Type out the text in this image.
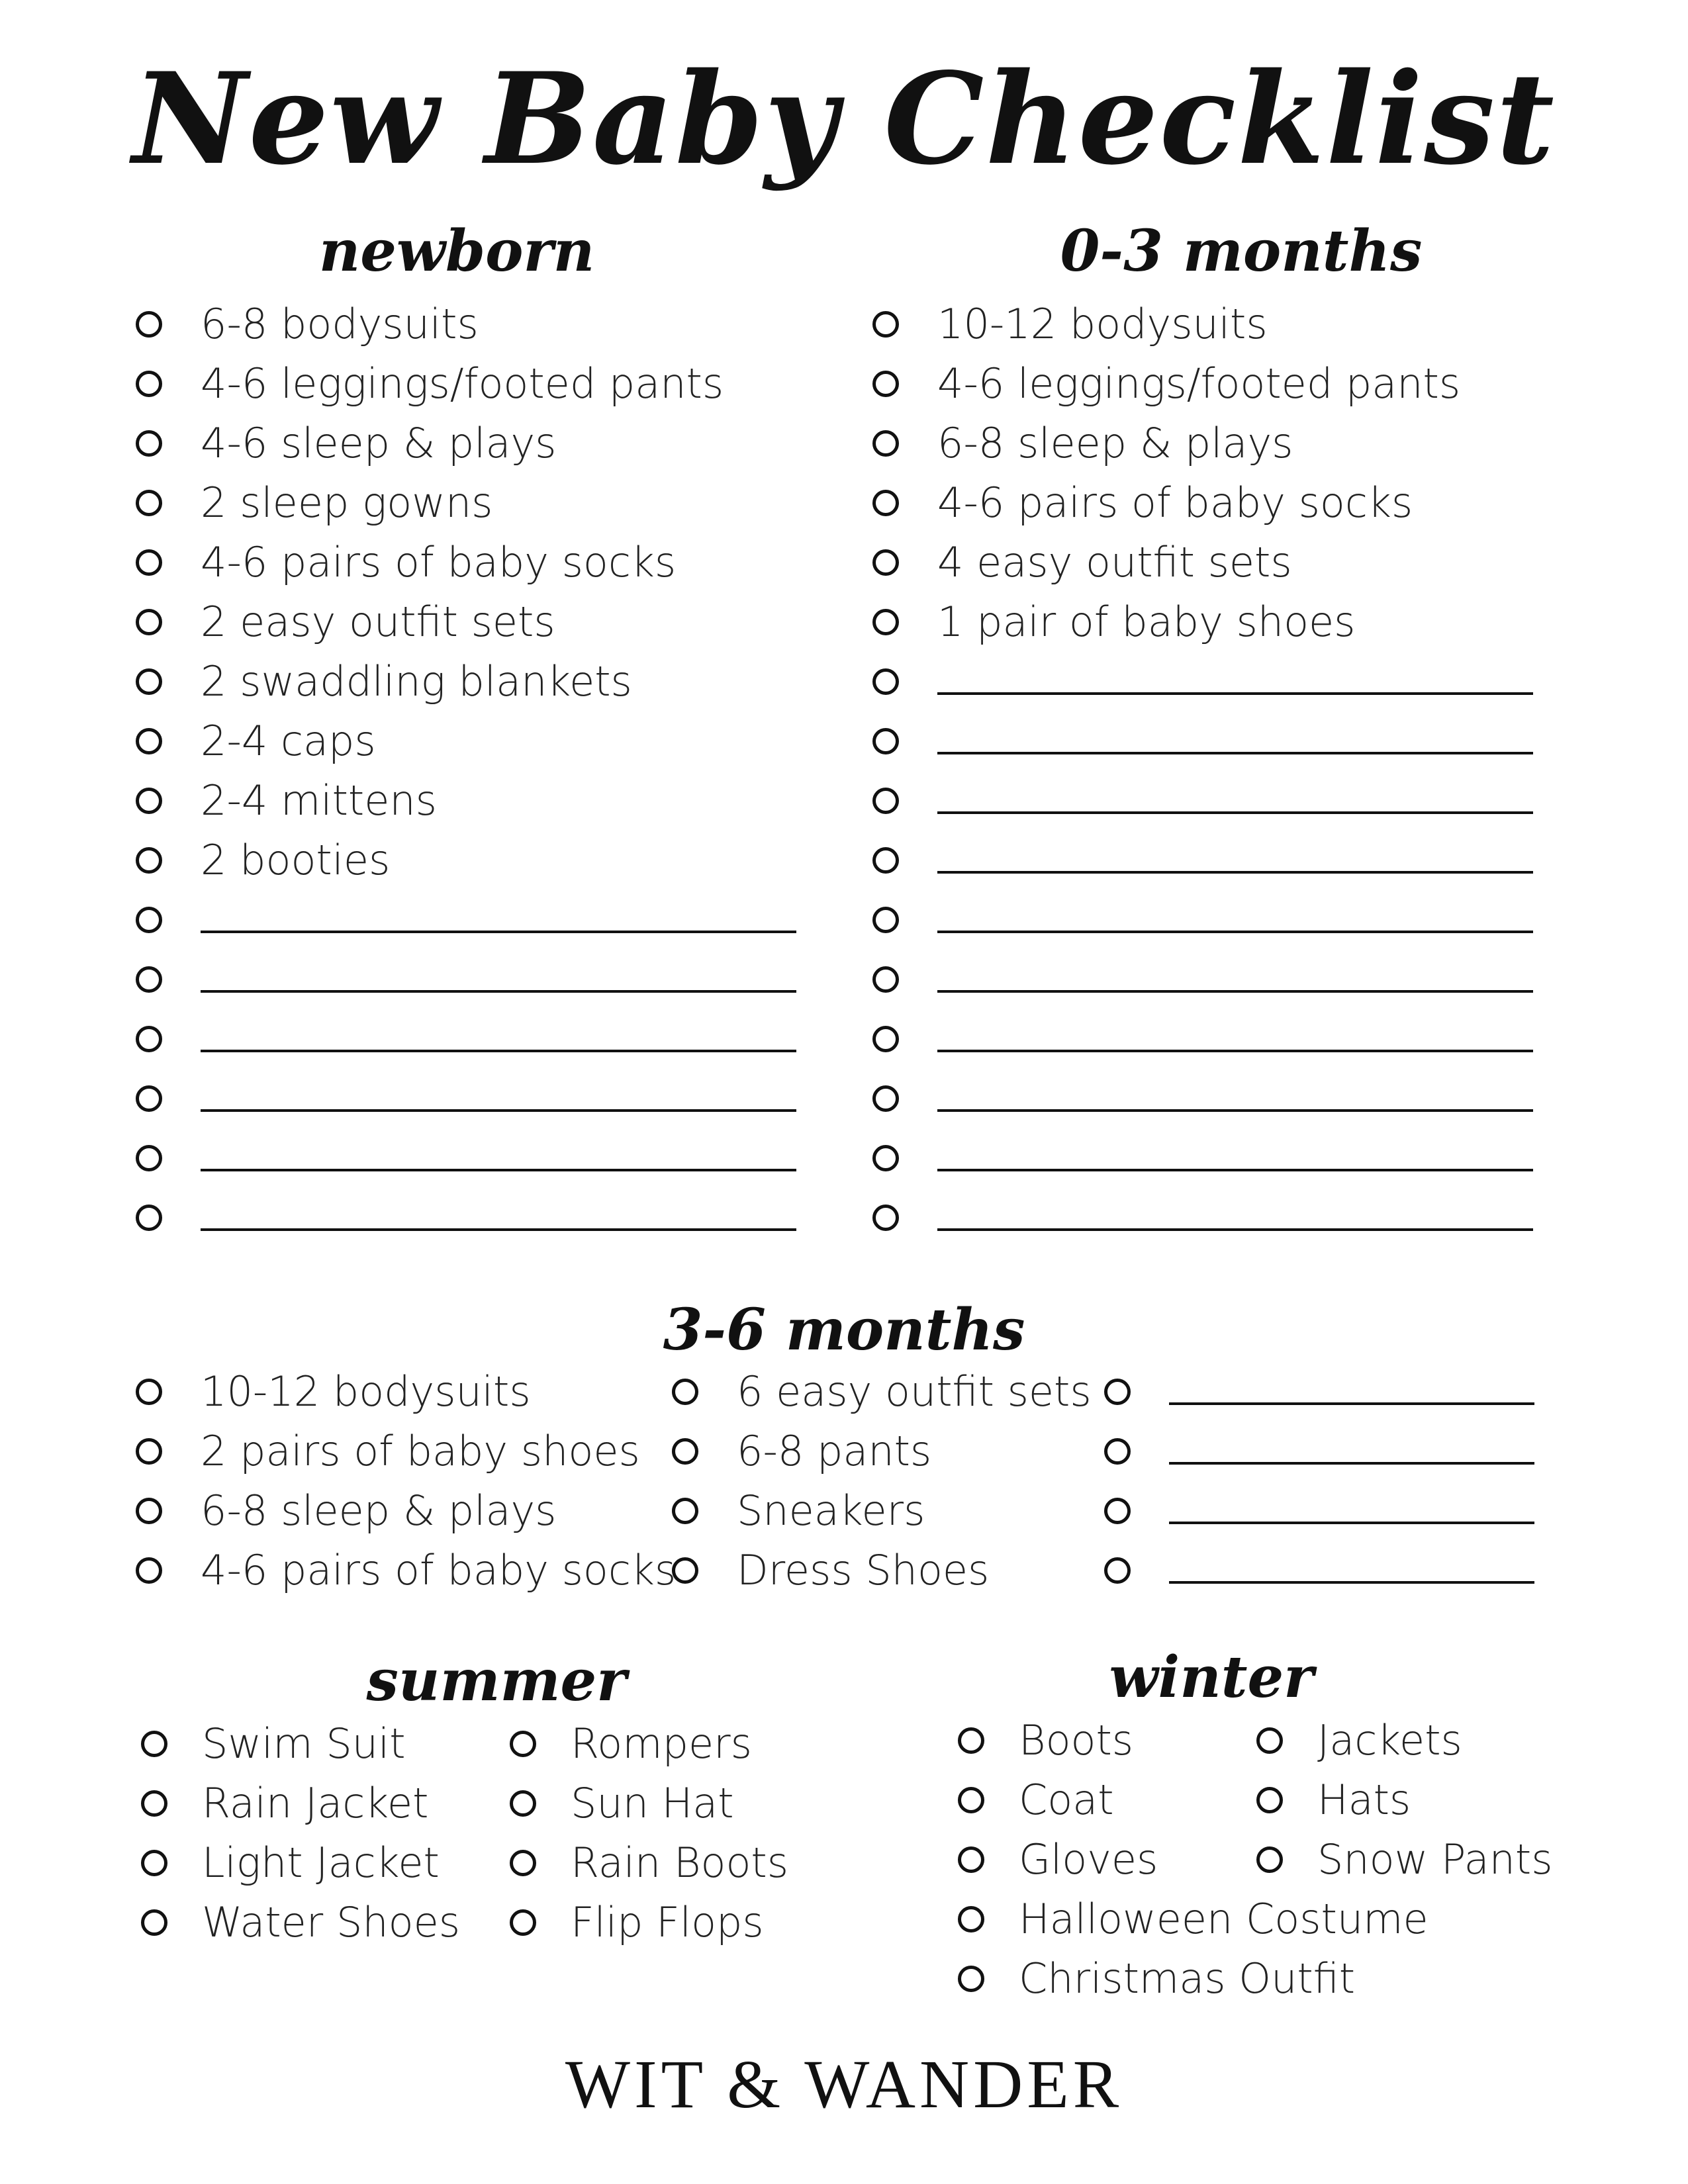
New Baby Checklist
newborn
6-8 bodysuits
4-6 leggings/footed pants
4-6 sleep & plays
2 sleep gowns
4-6 pairs of baby socks
2 easy outfit sets
2 swaddling blankets
2-4 caps
2-4 mittens
2 booties
0-3 months
10-12 bodysuits
4-6 leggings/footed pants
6-8 sleep & plays
4-6 pairs of baby socks
4 easy outfit sets
1 pair of baby shoes
3-6 months
10-12 bodysuits
2 pairs of baby shoes
6-8 sleep & plays
4-6 pairs of baby socks
6 easy outfit sets
6-8 pants
Sneakers
Dress Shoes
summer
Swim Suit
Rain Jacket
Light Jacket
Water Shoes
Rompers
Sun Hat
Rain Boots
Flip Flops
winter
Boots
Coat
Gloves
Halloween Costume
Christmas Outfit
Jackets
Hats
Snow Pants
WIT & WANDER
